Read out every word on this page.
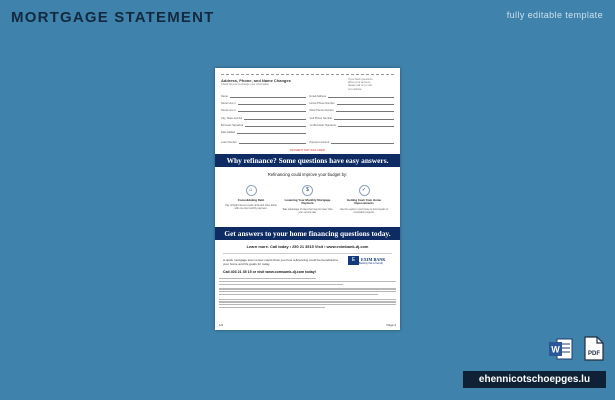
MORTGAGE STATEMENT	fully editable template
Address, Phone, and Name Changes
Check the box to change your information
If you have questions
about your account,
please call us or visit
our website.
Name	Email Address
Street Line 1	Home Phone Number
Street Line 2	Work Phone Number
City, State and Zip	Cell Phone Number
Borrower Signature	Co-Borrower Signature
Date Mailed
Loan Number	Payment Amount
PAYMENT NOT INCLUDED
Why refinance? Some questions have easy answers.
Refinancing could improve your budget by:
⌂
Consolidating Debt
Pay off high-interest credit cards and other debts with one low monthly payment.
$
Lowering Your Monthly Mortgage Payment
Take advantage of rates that may be lower than your current rate.
✓
Getting Cash from Home Improvements
Use the equity in your home to fund repairs or renovation projects.
Get answers to your home financing questions today.
Learn more. Call today • 250 21 3515 Visit • www.eximbank-dj.com
A quick mortgage loan review could show you how refinancing could be beneficial to your home and life goals for today.
Call 403 21 35 15 or visit www.comsumk-dj.com today!
E	EXIM BANK
Banking that is friendly
1/2	Page 2
W	PDF
ehennicotschoepges.lu
